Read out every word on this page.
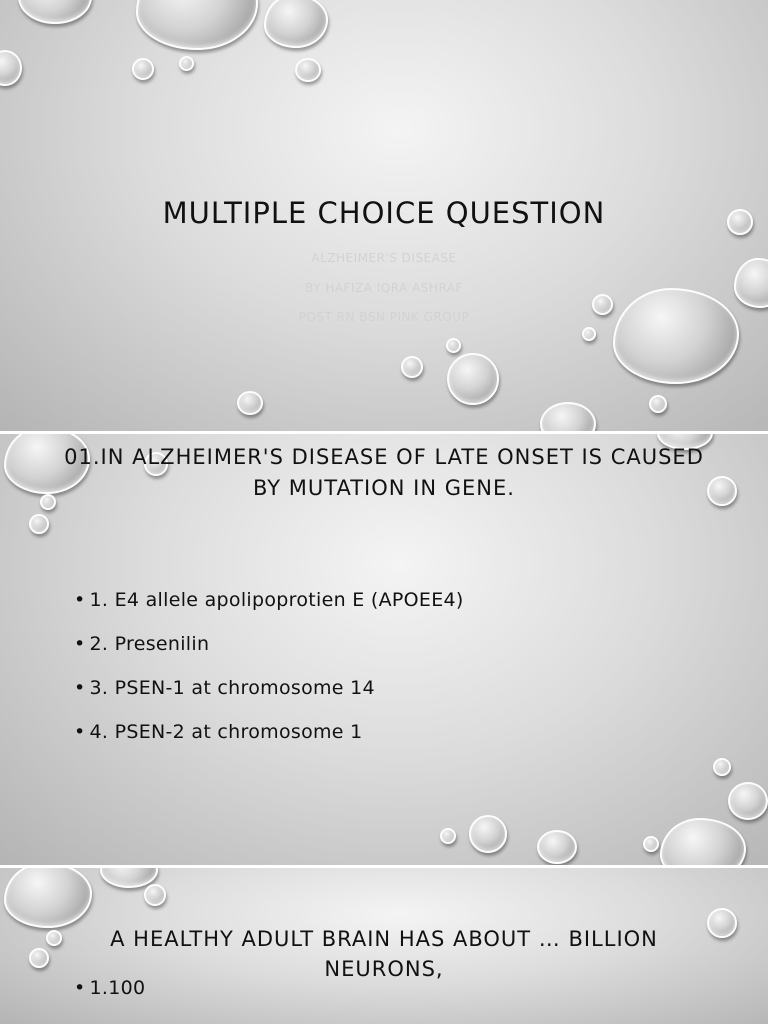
MULTIPLE CHOICE QUESTION
ALZHEIMER'S DISEASE
BY HAFIZA IQRA ASHRAF
POST RN BSN PINK GROUP
01.IN ALZHEIMER'S DISEASE OF LATE ONSET IS CAUSED BY MUTATION IN GENE.
• 1. E4 allele apolipoprotien E (APOEE4)
• 2. Presenilin
• 3. PSEN-1 at chromosome 14
• 4. PSEN-2 at chromosome 1
A HEALTHY ADULT BRAIN HAS ABOUT … BILLION NEURONS,
• 1.100
